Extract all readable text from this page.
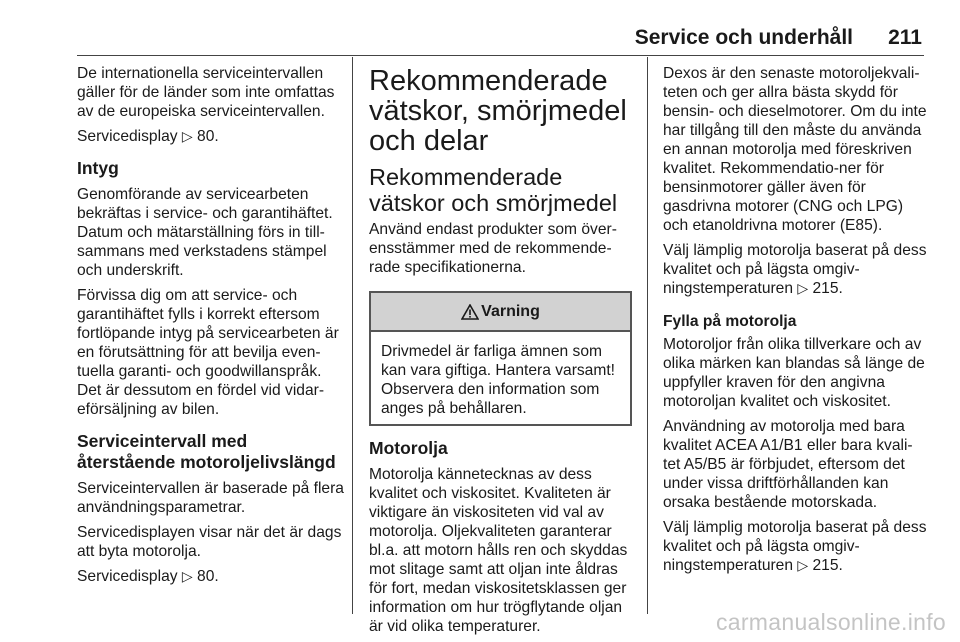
Service och underhåll 211

De internationella serviceintervallen gäller för de länder som inte omfattas av de europeiska serviceintervallen.

Servicedisplay ▷ 80.

Intyg

Genomförande av servicearbeten bekräftas i service- och garantihäftet. Datum och mätarställning förs in till-sammans med verkstadens stämpel och underskrift.

Förvissa dig om att service- och garantihäftet fylls i korrekt eftersom fortlöpande intyg på servicearbeten är en förutsättning för att bevilja even-tuella garanti- och goodwillanspråk. Det är dessutom en fördel vid vidar-eförsäljning av bilen.

Serviceintervall med återstående motoroljelivslängd

Serviceintervallen är baserade på flera användningsparametrar.

Servicedisplayen visar när det är dags att byta motorolja.

Servicedisplay ▷ 80.

Rekommenderade vätskor, smörjmedel och delar
Rekommenderade vätskor och smörjmedel

Använd endast produkter som över-ensstämmer med de rekommende-rade specifikationerna.

Varning
Drivmedel är farliga ämnen som kan vara giftiga. Hantera varsamt! Observera den information som anges på behållaren.
Motorolja

Motorolja kännetecknas av dess kvalitet och viskositet. Kvaliteten är viktigare än viskositeten vid val av motorolja. Oljekvaliteten garanterar bl.a. att motorn hålls ren och skyddas mot slitage samt att oljan inte åldras för fort, medan viskositetsklassen ger information om hur trögflytande oljan är vid olika temperaturer.

Dexos är den senaste motoroljekvali-teten och ger allra bästa skydd för bensin- och dieselmotorer. Om du inte har tillgång till den måste du använda en annan motorolja med föreskriven kvalitet. Rekommendatio-ner för bensinmotorer gäller även för gasdrivna motorer (CNG och LPG) och etanoldrivna motorer (E85).

Välj lämplig motorolja baserat på dess kvalitet och på lägsta omgiv-ningstemperaturen ▷ 215.

Fylla på motorolja

Motoroljor från olika tillverkare och av olika märken kan blandas så länge de uppfyller kraven för den angivna motoroljan kvalitet och viskositet.

Användning av motorolja med bara kvalitet ACEA A1/B1 eller bara kvali-tet A5/B5 är förbjudet, eftersom det under vissa driftförhållanden kan orsaka bestående motorskada.

Välj lämplig motorolja baserat på dess kvalitet och på lägsta omgiv-ningstemperaturen ▷ 215.

carmanualsonline.info
